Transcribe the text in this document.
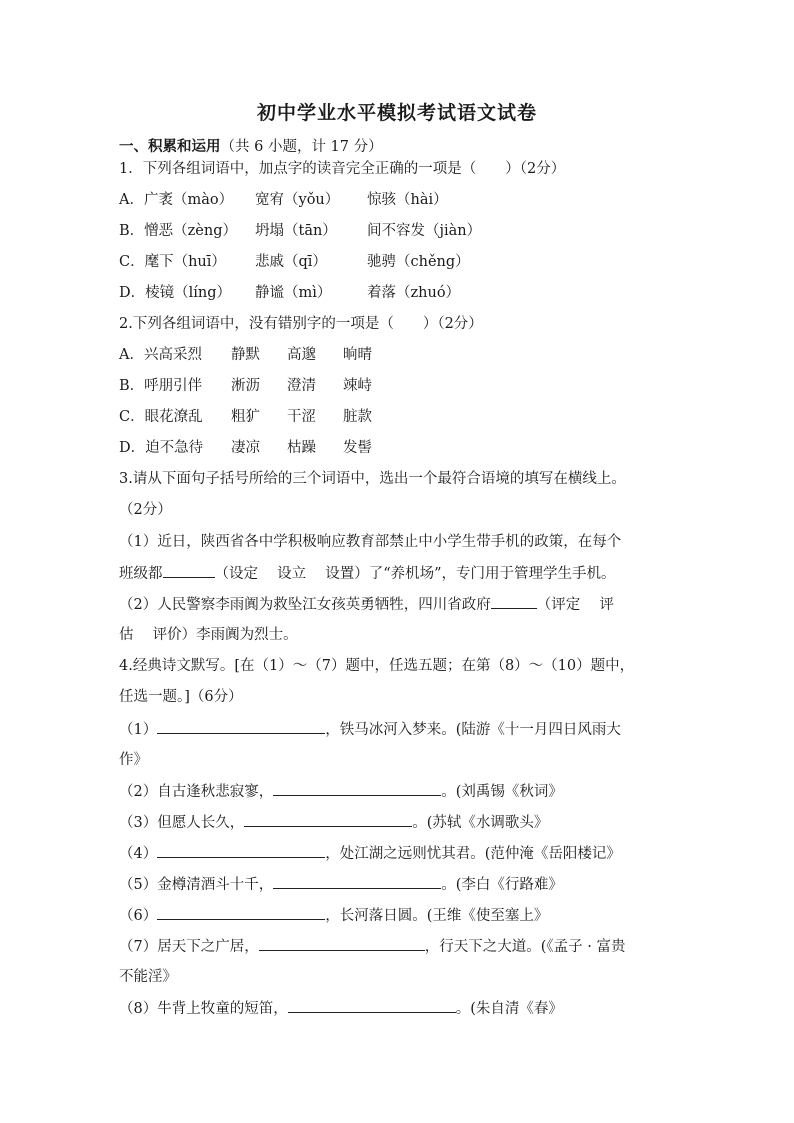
初中学业水平模拟考试语文试卷
一、积累和运用（共 6 小题，计 17 分）
1．下列各组词语中，加点字的读音完全正确的一项是（　　）（2分）
A．广袤（mào） 宽宥（yǒu） 惊骇（hài）
B．憎恶（zèng） 坍塌（tān） 间不容发（jiàn）
C．麾下（huī） 悲戚（qī）	驰骋（chěng）
D．棱镜（líng） 静谧（mì） 着落（zhuó）
2.下列各组词语中，没有错别字的一项是（　　）（2分）
A．兴高采烈 静默 高邈 晌晴
B．呼朋引伴 淅沥 澄清 竦峙
C．眼花潦乱 粗犷 干涩 脏款
D．迫不急待 凄凉 枯躁 发髻
3.请从下面句子括号所给的三个词语中，选出一个最符合语境的填写在横线上。
（2分）
（1）近日，陕西省各中学积极响应教育部禁止中小学生带手机的政策，在每个
班级都	（设定　 设立　 设置）了“养机场”，专门用于管理学生手机。
（2）人民警察李雨阗为救坠江女孩英勇牺牲，四川省政府	（评定　 评
估　 评价）李雨阗为烈士。
4.经典诗文默写。[在（1）～（7）题中，任选五题；在第（8）～（10）题中，
任选一题。]（6分）
（1）	，铁马冰河入梦来。(陆游《十一月四日风雨大
作》
（2）自古逢秋悲寂寥，	。(刘禹锡《秋词》
（3）但愿人长久，	。(苏轼《水调歌头》
（4）	，处江湖之远则忧其君。(范仲淹《岳阳楼记》
（5）金樽清酒斗十千，	。(李白《行路难》
（6）	，长河落日圆。(王维《使至塞上》
（7）居天下之广居，	，行天下之大道。(《孟子 · 富贵
不能淫》
（8）牛背上牧童的短笛，	。(朱自清《春》
